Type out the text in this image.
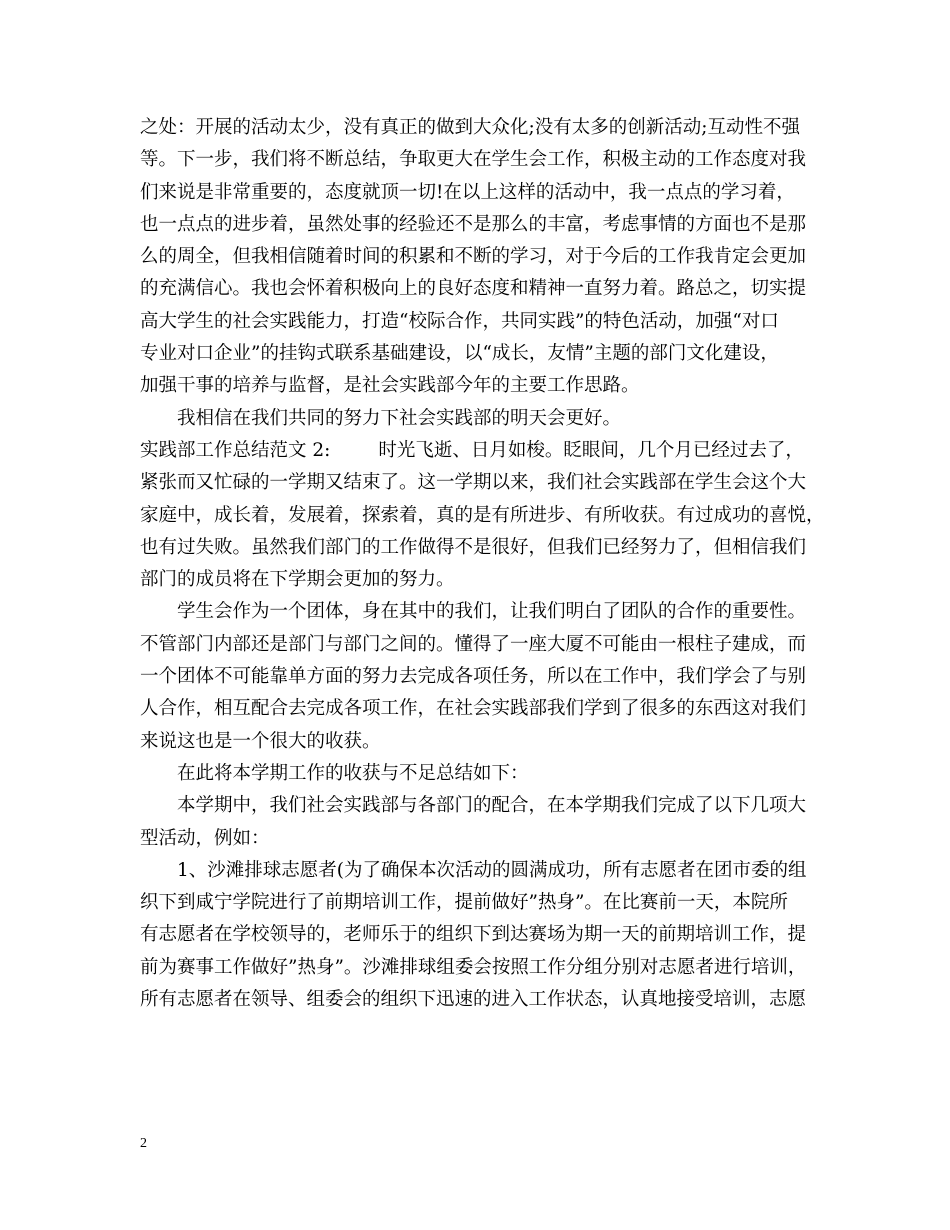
之处：开展的活动太少，没有真正的做到大众化;没有太多的创新活动;互动性不强
等。下一步，我们将不断总结，争取更大在学生会工作，积极主动的工作态度对我
们来说是非常重要的，态度就顶一切!在以上这样的活动中，我一点点的学习着，
也一点点的进步着，虽然处事的经验还不是那么的丰富，考虑事情的方面也不是那
么的周全，但我相信随着时间的积累和不断的学习，对于今后的工作我肯定会更加
的充满信心。我也会怀着积极向上的良好态度和精神一直努力着。路总之，切实提
高大学生的社会实践能力，打造“校际合作，共同实践”的特色活动，加强“对口
专业对口企业”的挂钩式联系基础建设，以“成长，友情”主题的部门文化建设，
加强干事的培养与监督，是社会实践部今年的主要工作思路。
我相信在我们共同的努力下社会实践部的明天会更好。
实践部工作总结范文 2:	时光飞逝、日月如梭。眨眼间，几个月已经过去了，
紧张而又忙碌的一学期又结束了。这一学期以来，我们社会实践部在学生会这个大
家庭中，成长着，发展着，探索着，真的是有所进步、有所收获。有过成功的喜悦，
也有过失败。虽然我们部门的工作做得不是很好，但我们已经努力了，但相信我们
部门的成员将在下学期会更加的努力。
学生会作为一个团体，身在其中的我们，让我们明白了团队的合作的重要性。
不管部门内部还是部门与部门之间的。懂得了一座大厦不可能由一根柱子建成，而
一个团体不可能靠单方面的努力去完成各项任务，所以在工作中，我们学会了与别
人合作，相互配合去完成各项工作，在社会实践部我们学到了很多的东西这对我们
来说这也是一个很大的收获。
在此将本学期工作的收获与不足总结如下：
本学期中，我们社会实践部与各部门的配合，在本学期我们完成了以下几项大
型活动，例如：
1、沙滩排球志愿者(为了确保本次活动的圆满成功，所有志愿者在团市委的组
织下到咸宁学院进行了前期培训工作，提前做好”热身”。在比赛前一天，本院所
有志愿者在学校领导的，老师乐于的组织下到达赛场为期一天的前期培训工作，提
前为赛事工作做好”热身”。沙滩排球组委会按照工作分组分别对志愿者进行培训，
所有志愿者在领导、组委会的组织下迅速的进入工作状态，认真地接受培训，志愿
2
